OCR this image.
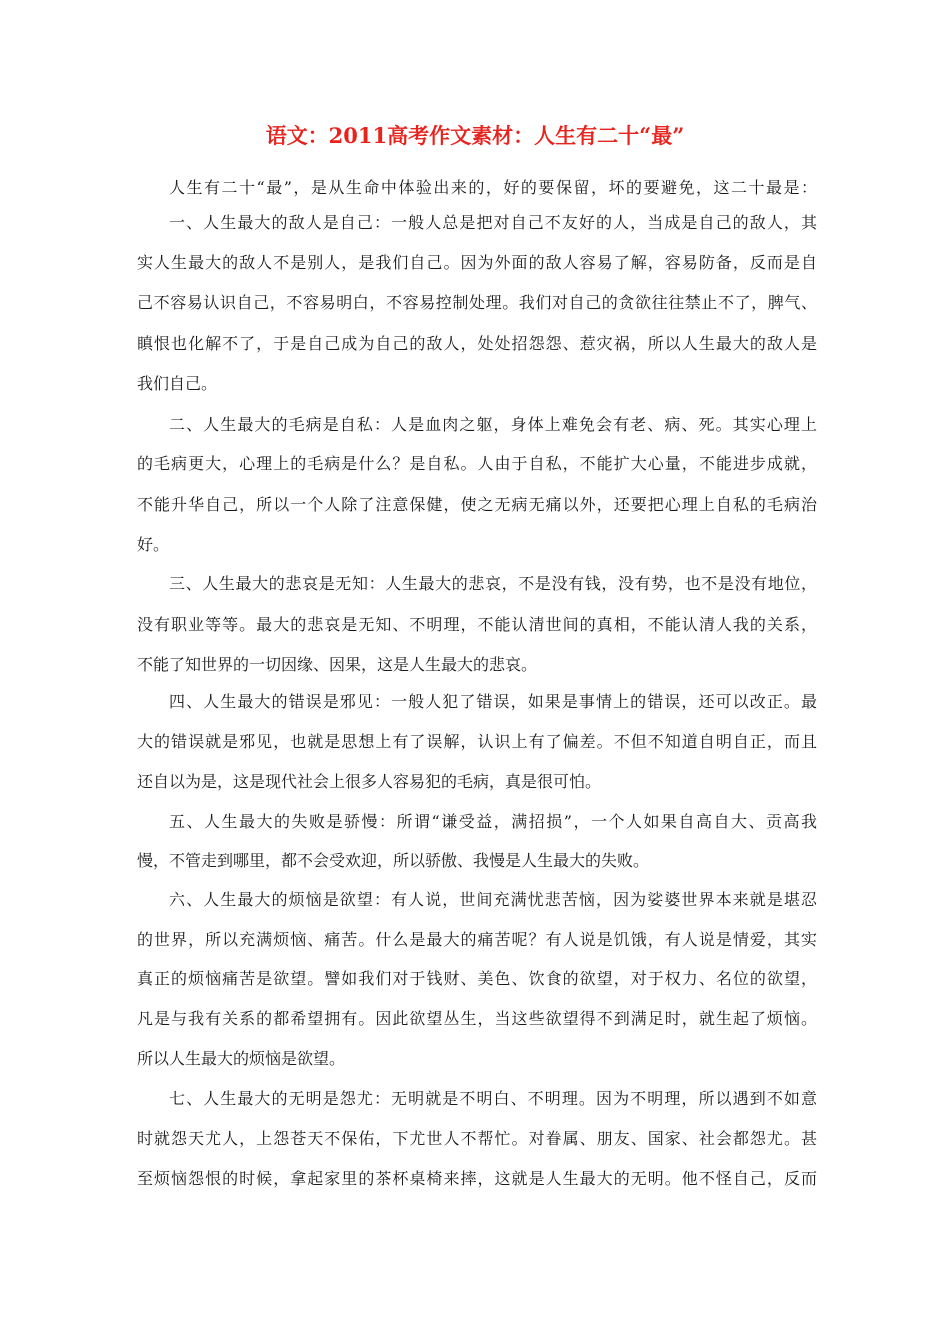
语文：2011高考作文素材：人生有二十“最”
人生有二十“最”，是从生命中体验出来的，好的要保留，坏的要避免，这二十最是：
一、人生最大的敌人是自己：一般人总是把对自己不友好的人，当成是自己的敌人，其
实人生最大的敌人不是别人，是我们自己。因为外面的敌人容易了解，容易防备，反而是自
己不容易认识自己，不容易明白，不容易控制处理。我们对自己的贪欲往往禁止不了，脾气、
瞋恨也化解不了，于是自己成为自己的敌人，处处招怨怨、惹灾祸，所以人生最大的敌人是
我们自己。
二、人生最大的毛病是自私：人是血肉之躯，身体上难免会有老、病、死。其实心理上
的毛病更大，心理上的毛病是什么？是自私。人由于自私，不能扩大心量，不能进步成就，
不能升华自己，所以一个人除了注意保健，使之无病无痛以外，还要把心理上自私的毛病治
好。
三、人生最大的悲哀是无知：人生最大的悲哀，不是没有钱，没有势，也不是没有地位，
没有职业等等。最大的悲哀是无知、不明理，不能认清世间的真相，不能认清人我的关系，
不能了知世界的一切因缘、因果，这是人生最大的悲哀。
四、人生最大的错误是邪见：一般人犯了错误，如果是事情上的错误，还可以改正。最
大的错误就是邪见，也就是思想上有了误解，认识上有了偏差。不但不知道自明自正，而且
还自以为是，这是现代社会上很多人容易犯的毛病，真是很可怕。
五、人生最大的失败是骄慢：所谓“谦受益，满招损”，一个人如果自高自大、贡高我
慢，不管走到哪里，都不会受欢迎，所以骄傲、我慢是人生最大的失败。
六、人生最大的烦恼是欲望：有人说，世间充满忧悲苦恼，因为娑婆世界本来就是堪忍
的世界，所以充满烦恼、痛苦。什么是最大的痛苦呢？有人说是饥饿，有人说是情爱，其实
真正的烦恼痛苦是欲望。譬如我们对于钱财、美色、饮食的欲望，对于权力、名位的欲望，
凡是与我有关系的都希望拥有。因此欲望丛生，当这些欲望得不到满足时，就生起了烦恼。
所以人生最大的烦恼是欲望。
七、人生最大的无明是怨尤：无明就是不明白、不明理。因为不明理，所以遇到不如意
时就怨天尤人，上怨苍天不保佑，下尤世人不帮忙。对眷属、朋友、国家、社会都怨尤。甚
至烦恼怨恨的时候，拿起家里的茶杯桌椅来摔，这就是人生最大的无明。他不怪自己，反而
